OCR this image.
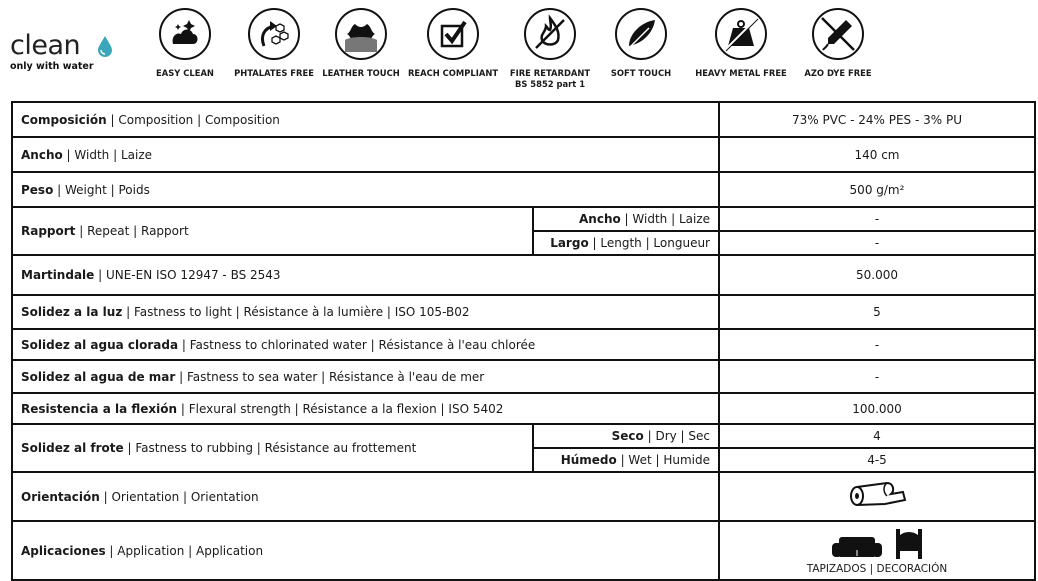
clean
only with water
EASY CLEAN	PHTALATES FREE LEATHER TOUCH REACH COMPLIANT	FIRE RETARDANT
BS 5852 part 1
SOFT TOUCH	HEAVY METAL FREE	AZO DYE FREE
Composición | Composition | Composition		73% PVC - 24% PES - 3% PU
Ancho | Width | Laize		140 cm
Peso | Weight | Poids		500 g/m²
Rapport | Repeat | Rapport	Ancho | Width | Laize	-
	Largo | Length | Longueur	-
Martindale | UNE-EN ISO 12947 - BS 2543		50.000
Solidez a la luz | Fastness to light | Résistance à la lumière | ISO 105-B02		5
Solidez al agua clorada | Fastness to chlorinated water | Résistance à l'eau chlorée		-
Solidez al agua de mar | Fastness to sea water | Résistance à l'eau de mer		-
Resistencia a la flexión | Flexural strength | Résistance a la flexion | ISO 5402		100.000
Solidez al frote | Fastness to rubbing | Résistance au frottement	Seco | Dry | Sec	4
	Húmedo | Wet | Humide	4-5
Orientación | Orientation | Orientation	
Aplicaciones | Application | Application		TAPIZADOS | DECORACIÓN
